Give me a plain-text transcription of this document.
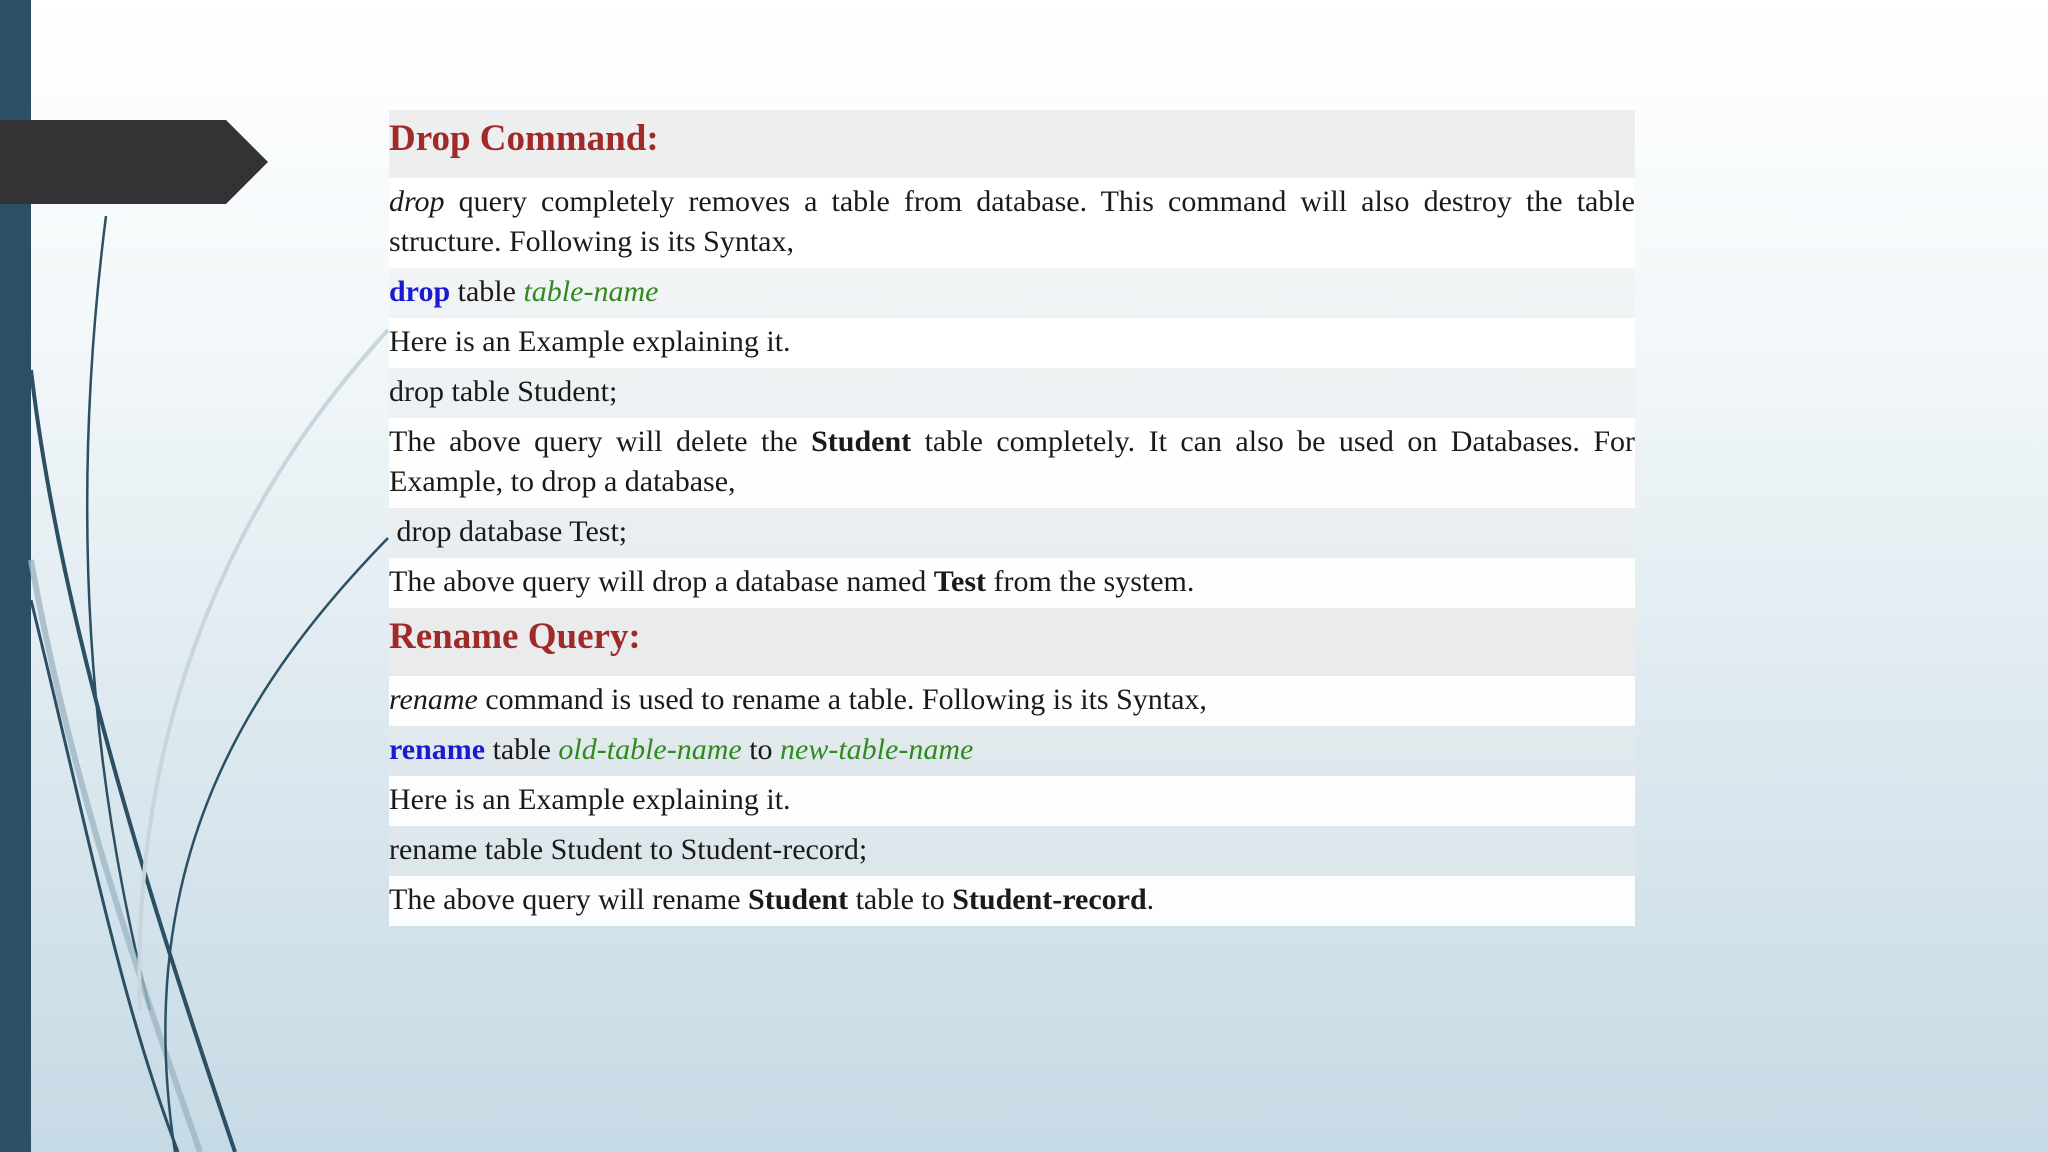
Drop Command:
drop query completely removes a table from database. This command will also destroy the table structure. Following is its Syntax,
drop table table-name
Here is an Example explaining it.
drop table Student;
The above query will delete the Student table completely. It can also be used on Databases. For Example, to drop a database,
drop database Test;
The above query will drop a database named Test from the system.
Rename Query:
rename command is used to rename a table. Following is its Syntax,
rename table old-table-name to new-table-name
Here is an Example explaining it.
rename table Student to Student-record;
The above query will rename Student table to Student-record.
